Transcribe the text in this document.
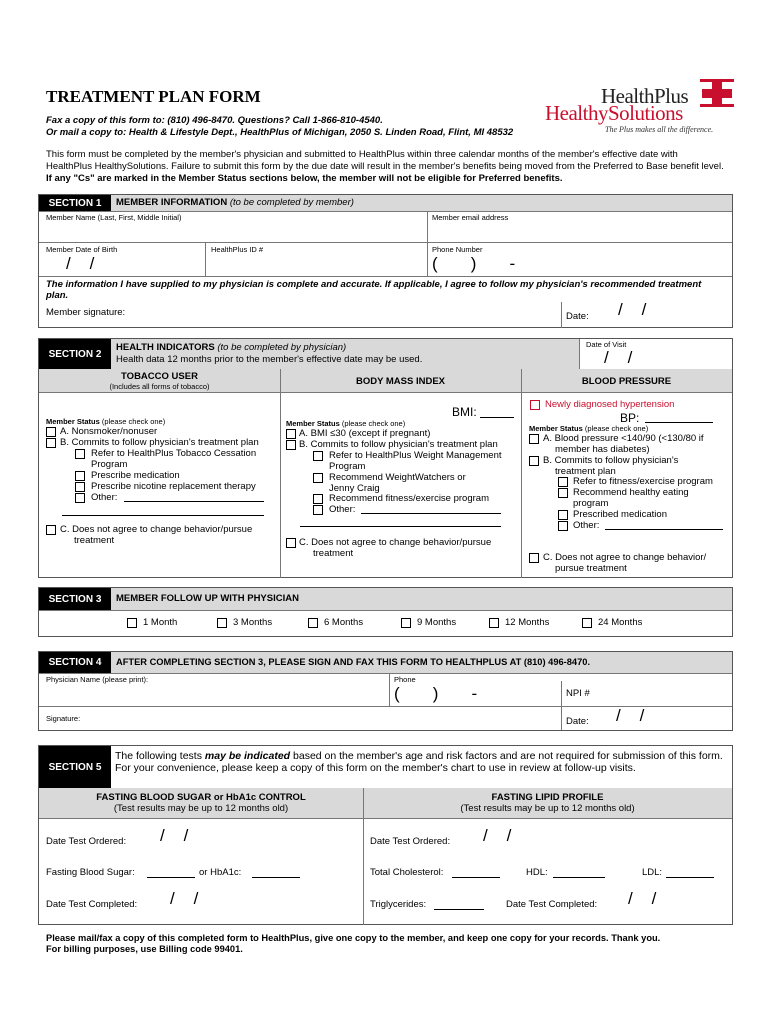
TREATMENT PLAN FORM
Fax a copy of this form to: (810) 496-8470. Questions? Call 1-866-810-4540.
Or mail a copy to: Health & Lifestyle Dept., HealthPlus of Michigan, 2050 S. Linden Road, Flint, MI 48532
This form must be completed by the member's physician and submitted to HealthPlus within three calendar months of the member's effective date with HealthPlus HealthySolutions. Failure to submit this form by the due date will result in the member's benefits being moved from the Preferred to Base benefit level. If any "Cs" are marked in the Member Status sections below, the member will not be eligible for Preferred benefits.
HealthPlus
HealthySolutions
The Plus makes all the difference.
SECTION 1	MEMBER INFORMATION (to be completed by member)
Member Name (Last, First, Middle Initial)	Member email address
Member Date of Birth	HealthPlus ID #	Phone Number
/    /	(       )       -
The information I have supplied to my physician is complete and accurate. If applicable, I agree to follow my physician's recommended treatment plan.
Member signature:	Date: /    /
SECTION 2
HEALTH INDICATORS (to be completed by physician)
Health data 12 months prior to the member's effective date may be used.
Date of Visit
/    /
TOBACCO USER
(Includes all forms of tobacco)	BODY MASS INDEX	BLOOD PRESSURE
Member Status (please check one)
A. Nonsmoker/nonuser
B. Commits to follow physician's treatment plan
Refer to HealthPlus Tobacco Cessation
Program
Prescribe medication
Prescribe nicotine replacement therapy
Other:
C. Does not agree to change behavior/pursue
treatment
BMI:
Member Status (please check one)
A. BMI ≤30 (except if pregnant)
B. Commits to follow physician's treatment plan
Refer to HealthPlus Weight Management
Program
Recommend WeightWatchers or
Jenny Craig
Recommend fitness/exercise program
Other:
C. Does not agree to change behavior/pursue
treatment
Newly diagnosed hypertension
BP:
Member Status (please check one)
A. Blood pressure <140/90 (<130/80 if
member has diabetes)
B. Commits to follow physician's
treatment plan
Refer to fitness/exercise program
Recommend healthy eating
program
Prescribed medication
Other:
C. Does not agree to change behavior/
pursue treatment
SECTION 3	MEMBER FOLLOW UP WITH PHYSICIAN
1 Month	3 Months	6 Months	9 Months	12 Months	24 Months
SECTION 4	AFTER COMPLETING SECTION 3, PLEASE SIGN AND FAX THIS FORM TO HEALTHPLUS AT (810) 496-8470.
Physician Name (please print):	Phone
(       )       -	NPI #
Signature:	Date: /    /
SECTION 5
The following tests may be indicated based on the member's age and risk factors and are not required for submission of this form. For your convenience, please keep a copy of this form on the member's chart to use in review at follow-up visits.
FASTING BLOOD SUGAR or HbA1c CONTROL
(Test results may be up to 12 months old)
FASTING LIPID PROFILE
(Test results may be up to 12 months old)
Date Test Ordered: /    /
Fasting Blood Sugar:	or HbA1c:
Date Test Completed: /    /
Date Test Ordered: /    /
Total Cholesterol:	HDL:	LDL:
Triglycerides:	Date Test Completed: /    /
Please mail/fax a copy of this completed form to HealthPlus, give one copy to the member, and keep one copy for your records. Thank you.
For billing purposes, use Billing code 99401.
